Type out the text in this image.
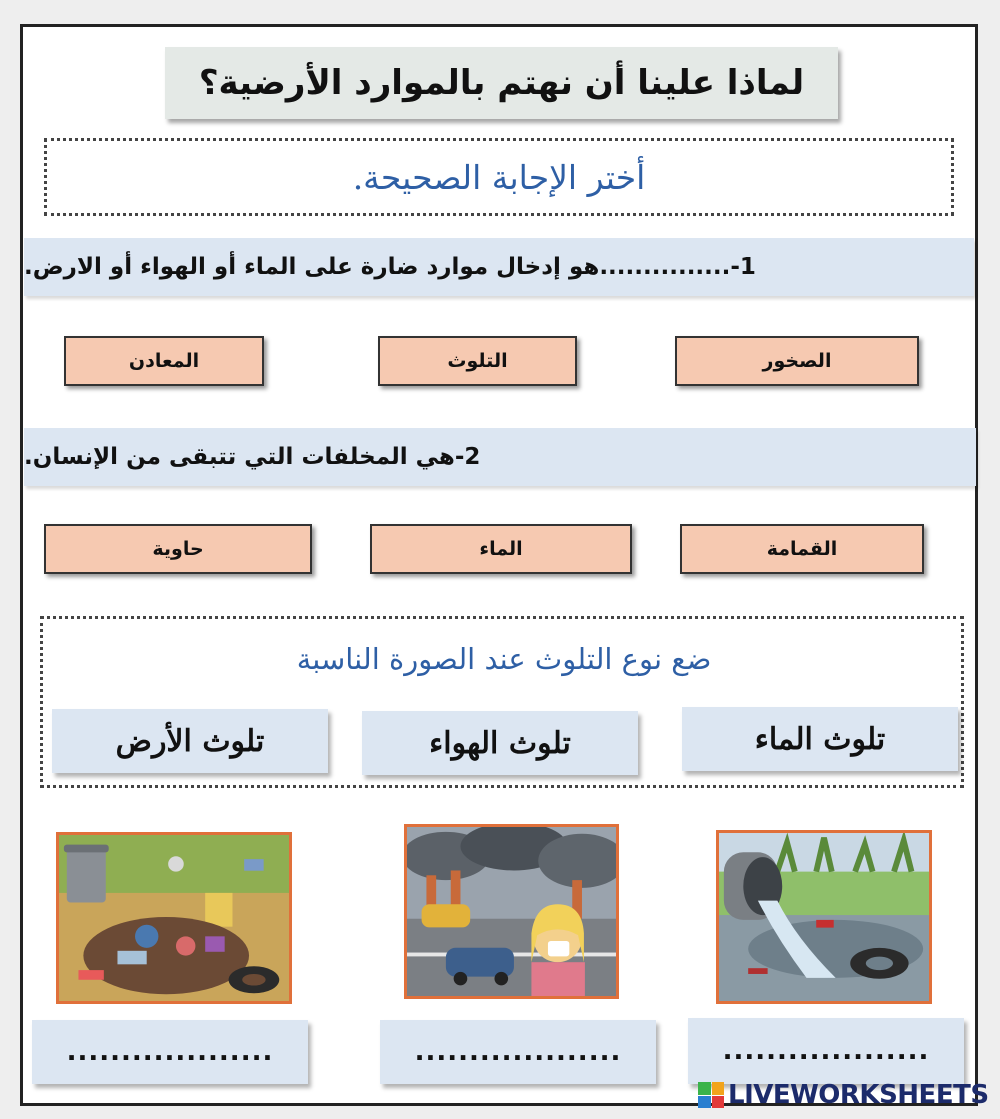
لماذا علينا أن نهتم بالموارد الأرضية؟
أختر الإجابة الصحيحة.
1-...............هو إدخال موارد ضارة على الماء أو الهواء أو الارض.
الصخور
التلوث
المعادن
2-هي المخلفات التي تتبقى من الإنسان.
القمامة
الماء
حاوية
ضع نوع التلوث عند الصورة الناسبة
تلوث الماء
تلوث الهواء
تلوث الأرض
...................
...................
...................
LIVEWORKSHEETS
